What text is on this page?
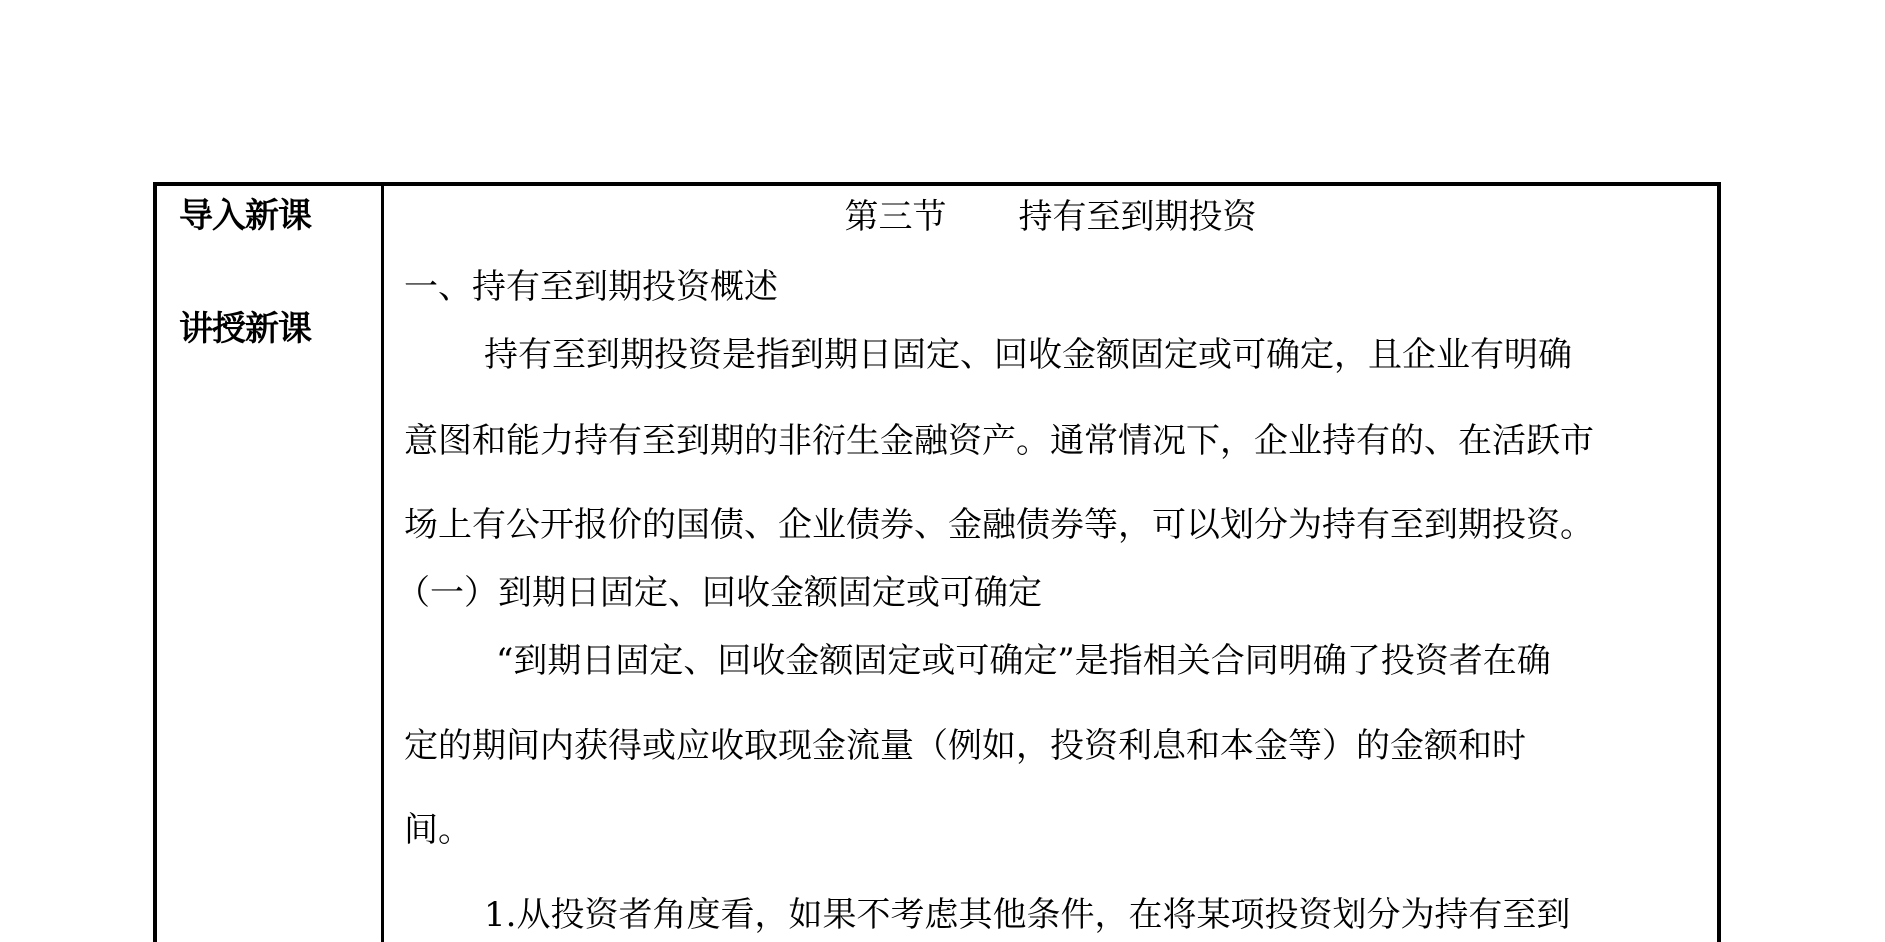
导入新课
讲授新课
第三节 持有至到期投资
一、持有至到期投资概述
持有至到期投资是指到期日固定、回收金额固定或可确定，且企业有明确
意图和能力持有至到期的非衍生金融资产。通常情况下，企业持有的、在活跃市
场上有公开报价的国债、企业债券、金融债券等，可以划分为持有至到期投资。
（一）到期日固定、回收金额固定或可确定
“到期日固定、回收金额固定或可确定”是指相关合同明确了投资者在确
定的期间内获得或应收取现金流量（例如，投资利息和本金等）的金额和时
间。
1.从投资者角度看，如果不考虑其他条件，在将某项投资划分为持有至到
